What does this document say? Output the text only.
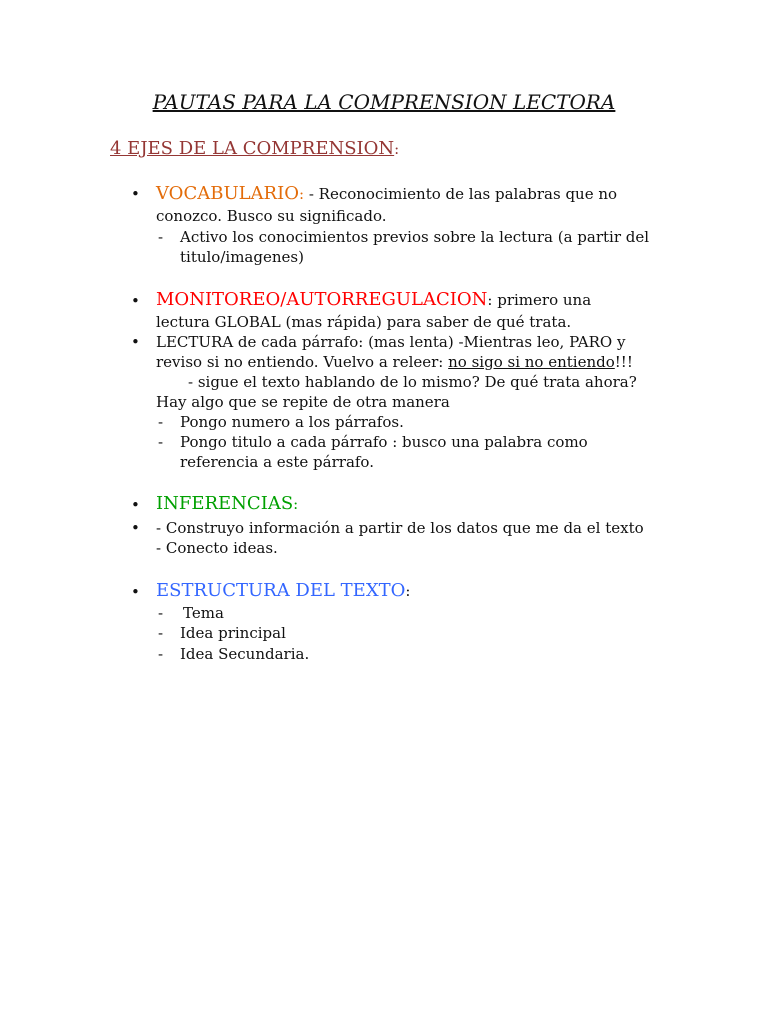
PAUTAS PARA LA COMPRENSION LECTORA
4 EJES DE LA COMPRENSION:
• VOCABULARIO: - Reconocimiento de las palabras que no
conozco. Busco su significado.
- Activo los conocimientos previos sobre la lectura (a partir del
titulo/imagenes)
• MONITOREO/AUTORREGULACION: primero una
lectura GLOBAL (mas rápida) para saber de qué trata.
• LECTURA de cada párrafo: (mas lenta) -Mientras leo, PARO y
reviso si no entiendo. Vuelvo a releer: no sigo si no entiendo!!!
- sigue el texto hablando de lo mismo? De qué trata ahora?
Hay algo que se repite de otra manera
- Pongo numero a los párrafos.
- Pongo titulo a cada párrafo : busco una palabra como
referencia a este párrafo.
• INFERENCIAS:
• - Construyo información a partir de los datos que me da el texto
- Conecto ideas.
• ESTRUCTURA DEL TEXTO:
- Tema
- Idea principal
- Idea Secundaria.
